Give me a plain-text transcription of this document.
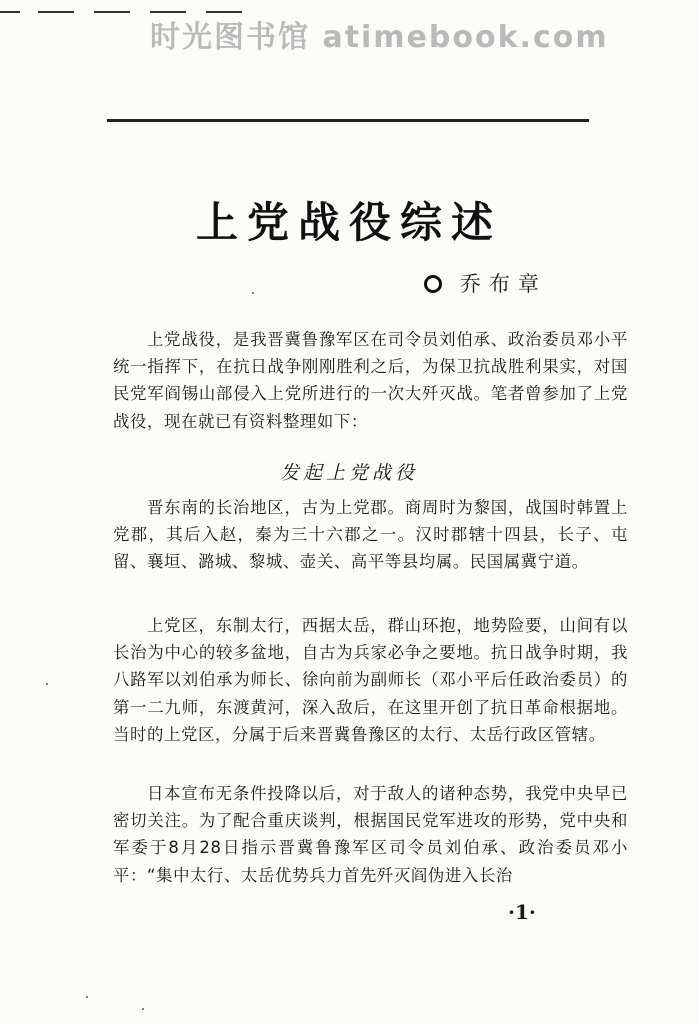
时光图书馆 atimebook.com
上党战役综述
乔布章
上党战役，是我晋冀鲁豫军区在司令员刘伯承、政治委员邓小平统一指挥下，在抗日战争刚刚胜利之后，为保卫抗战胜利果实，对国民党军阎锡山部侵入上党所进行的一次大歼灭战。笔者曾参加了上党战役，现在就已有资料整理如下：
发起上党战役
晋东南的长治地区，古为上党郡。商周时为黎国，战国时韩置上党郡，其后入赵，秦为三十六郡之一。汉时郡辖十四县，长子、屯留、襄垣、潞城、黎城、壶关、高平等县均属。民国属冀宁道。
上党区，东制太行，西据太岳，群山环抱，地势险要，山间有以长治为中心的较多盆地，自古为兵家必争之要地。抗日战争时期，我八路军以刘伯承为师长、徐向前为副师长（邓小平后任政治委员）的第一二九师，东渡黄河，深入敌后，在这里开创了抗日革命根据地。当时的上党区，分属于后来晋冀鲁豫区的太行、太岳行政区管辖。
日本宣布无条件投降以后，对于敌人的诸种态势，我党中央早已密切关注。为了配合重庆谈判，根据国民党军进攻的形势，党中央和军委于8月28日指示晋冀鲁豫军区司令员刘伯承、政治委员邓小平：“集中太行、太岳优势兵力首先歼灭阎伪进入长治
·1·
